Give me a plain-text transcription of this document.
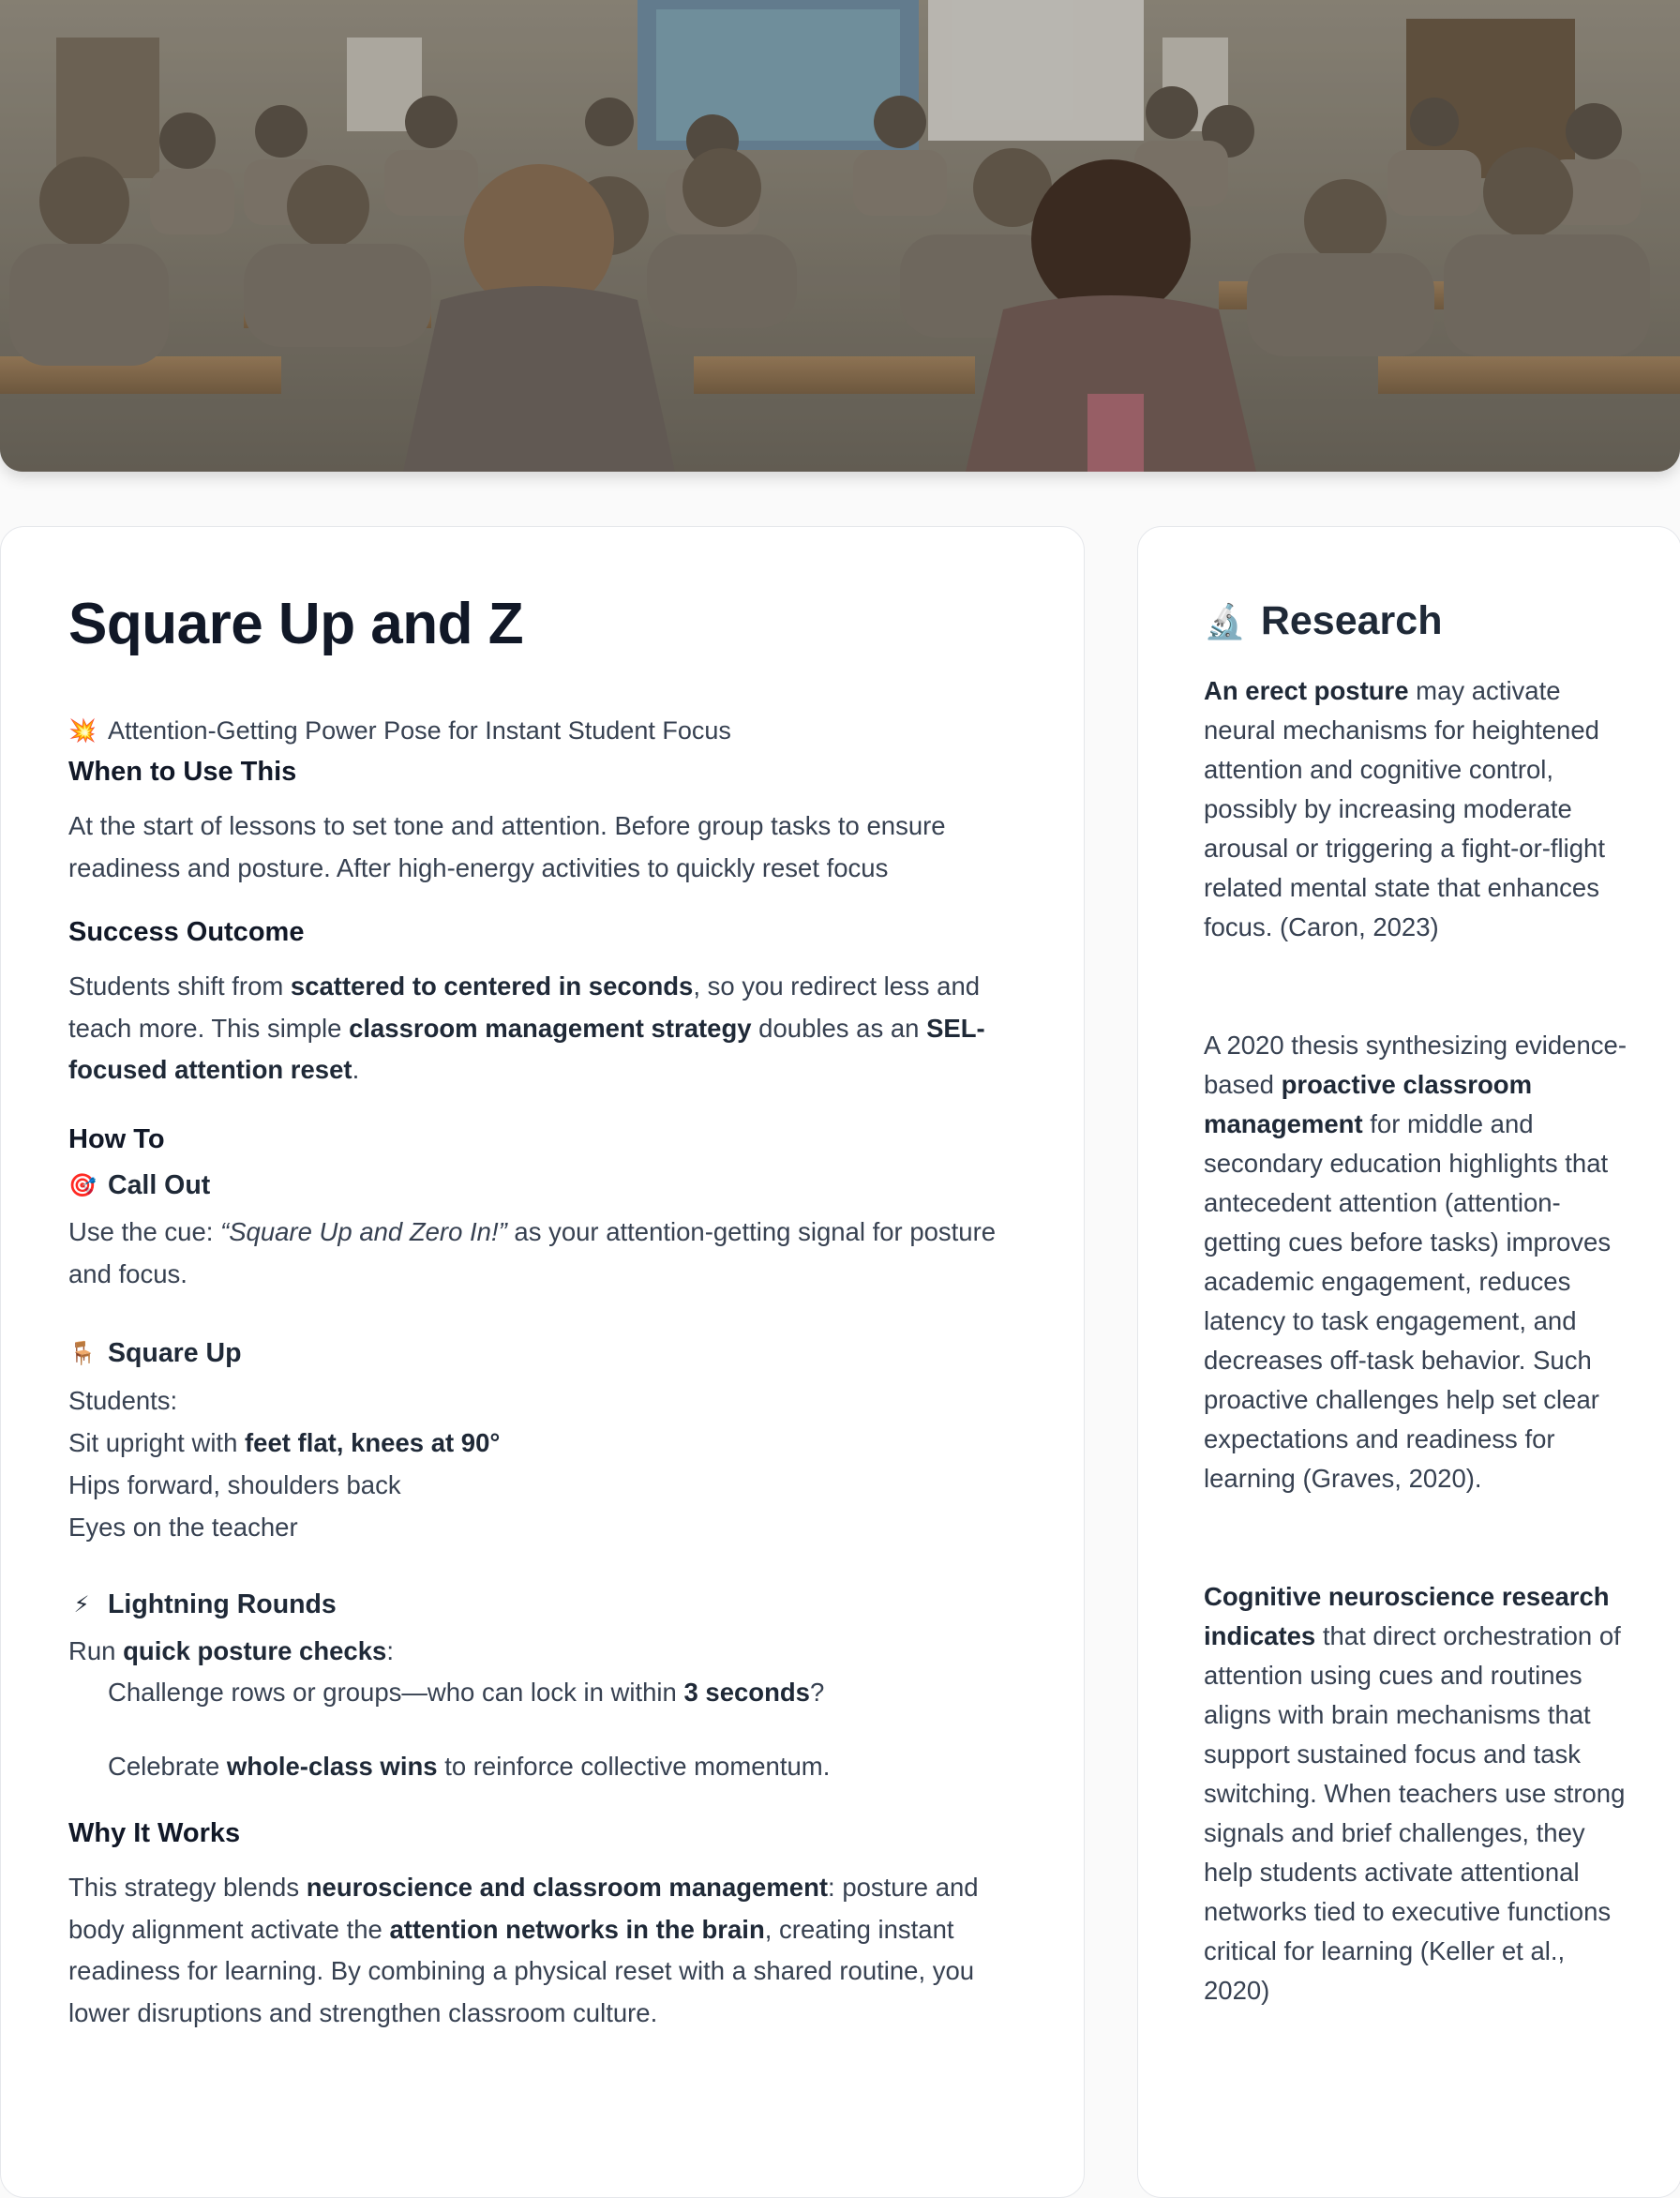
Square Up and Z
💥 Attention-Getting Power Pose for Instant Student Focus
When to Use This

At the start of lessons to set tone and attention. Before group tasks to ensure readiness and posture. After high-energy activities to quickly reset focus

Success Outcome

Students shift from scattered to centered in seconds, so you redirect less and teach more. This simple classroom management strategy doubles as an SEL-focused attention reset.

How To
🎯 Call Out

Use the cue: “Square Up and Zero In!” as your attention-getting signal for posture and focus.

🪑 Square Up
Students:
Sit upright with feet flat, knees at 90°
Hips forward, shoulders back
Eyes on the teacher
⚡ Lightning Rounds
Run quick posture checks:
Challenge rows or groups—who can lock in within 3 seconds?
Celebrate whole-class wins to reinforce collective momentum.
Why It Works

This strategy blends neuroscience and classroom management: posture and body alignment activate the attention networks in the brain, creating instant readiness for learning. By combining a physical reset with a shared routine, you lower disruptions and strengthen classroom culture.

🔬 Research

An erect posture may activate neural mechanisms for heightened attention and cognitive control, possibly by increasing moderate arousal or triggering a fight-or-flight related mental state that enhances focus. (Caron, 2023)

A 2020 thesis synthesizing evidence-based proactive classroom management for middle and secondary education highlights that antecedent attention (attention-getting cues before tasks) improves academic engagement, reduces latency to task engagement, and decreases off-task behavior. Such proactive challenges help set clear expectations and readiness for learning (Graves, 2020).

Cognitive neuroscience research indicates that direct orchestration of attention using cues and routines aligns with brain mechanisms that support sustained focus and task switching. When teachers use strong signals and brief challenges, they help students activate attentional networks tied to executive functions critical for learning (Keller et al., 2020)
